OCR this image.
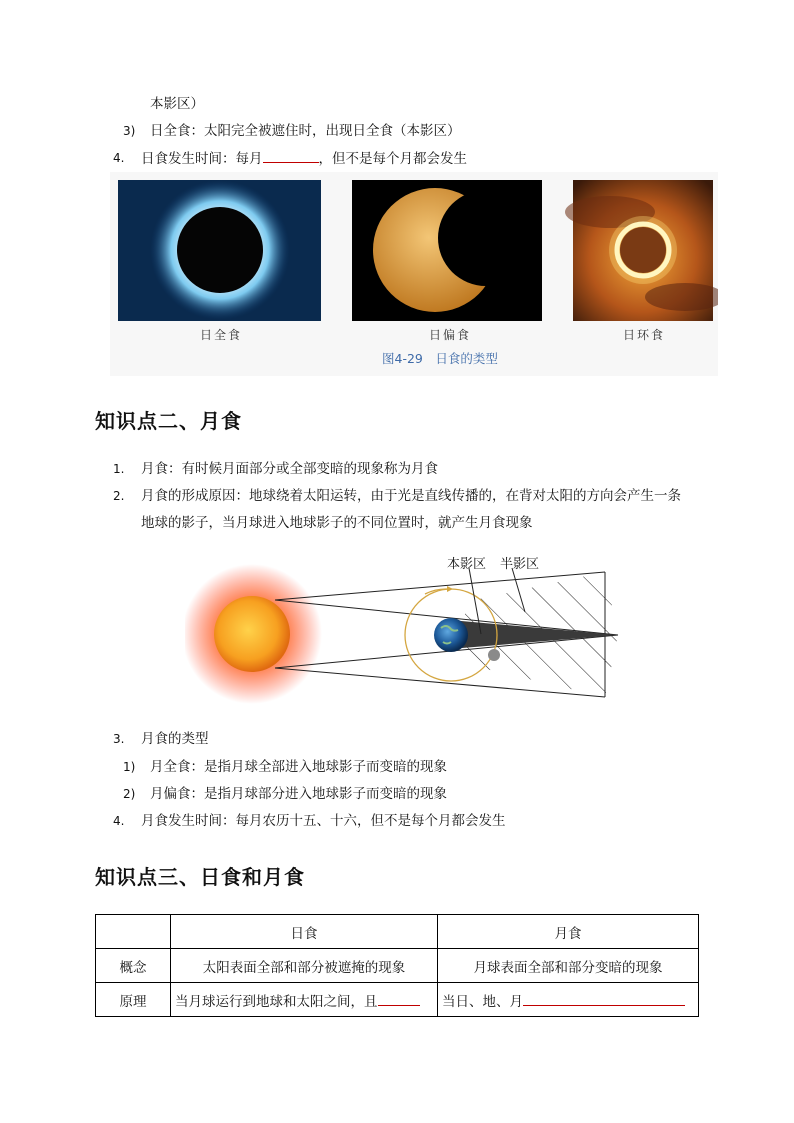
本影区）
3) 日全食：太阳完全被遮住时，出现日全食（本影区）
4. 日食发生时间：每月	，但不是每个月都会发生
日全食	日偏食	日环食
图4-29　日食的类型
知识点二、月食
1. 月食：有时候月面部分或全部变暗的现象称为月食
2. 月食的形成原因：地球绕着太阳运转，由于光是直线传播的，在背对太阳的方向会产生一条
地球的影子，当月球进入地球影子的不同位置时，就产生月食现象
本影区 半影区
3. 月食的类型
1) 月全食：是指月球全部进入地球影子而变暗的现象
2) 月偏食：是指月球部分进入地球影子而变暗的现象
4. 月食发生时间：每月农历十五、十六，但不是每个月都会发生
知识点三、日食和月食
	日食	月食
概念	太阳表面全部和部分被遮掩的现象	月球表面全部和部分变暗的现象
原理	当月球运行到地球和太阳之间，且	当日、地、月
